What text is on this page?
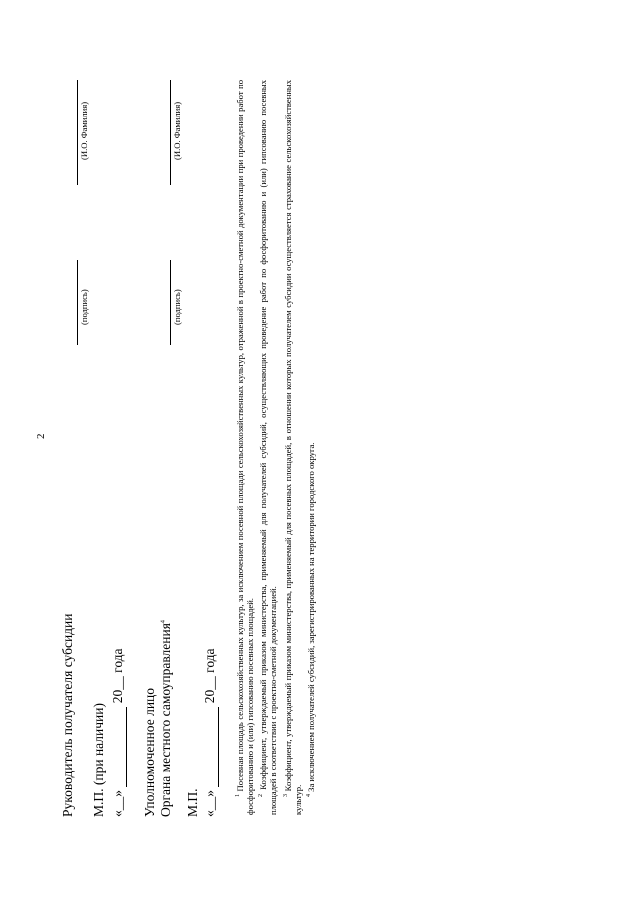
2
Руководитель получателя субсидии М.П. (при наличии) «__»   20__ года
(подпись)
(И.О. Фамилия)
Уполномоченное лицо Органа местного самоуправления$^4$
М.П. «__»   20__ года
(подпись)
(И.О. Фамилия)
$^1$ Посевная площадь сельскохозяйственных культур, за исключением посевной площади сельскохозяйственных культур, отраженной в проектно-сметной документации при проведении работ по фосфоритованию и (или) гипсованию посевных площадей. $^2$ Коэффициент, утверждаемый приказом министерства, применяемый для получателей субсидий, осуществляющих проведение работ по фосфоритованию и (или) гипсованию посевных площадей в соответствии с проектно-сметной документацией. $^3$ Коэффициент, утверждаемый приказом министерства, применяемый для посевных площадей, в отношении которых получателем субсидии осуществляется страхование сельскохозяйственных культур. $^4$ За исключением получателей субсидий, зарегистрированных на территории городского округа.
